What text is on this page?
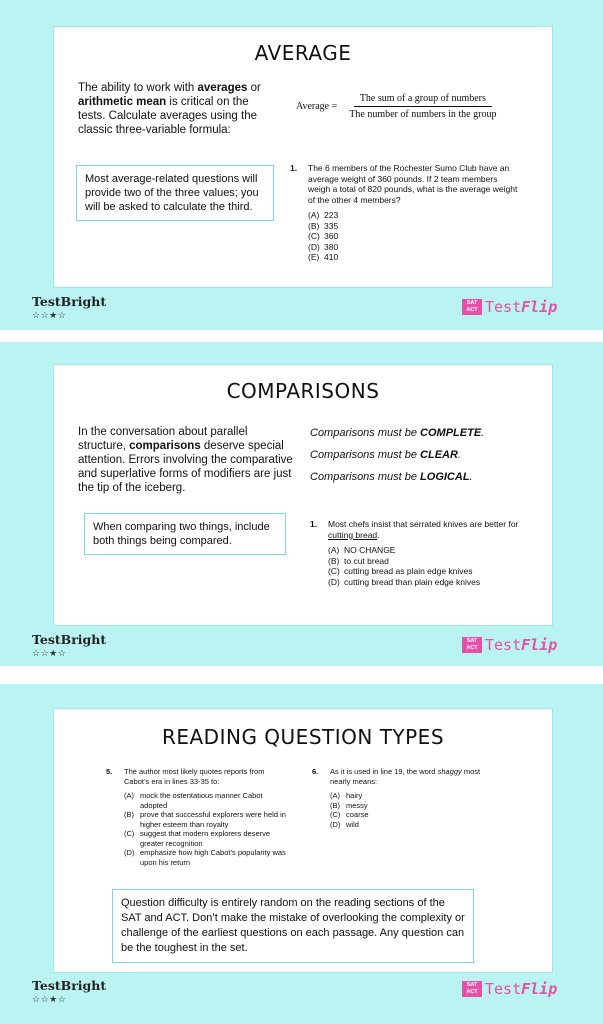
AVERAGE
The ability to work with averages or arithmetic mean is critical on the tests. Calculate averages using the classic three-variable formula:
Average = $\frac{\text{The sum of a group of numbers}}{\text{The number of numbers in the group}}$
Most average-related questions will provide two of the three values; you will be asked to calculate the third.
1.	The 6 members of the Rochester Sumo Club have an average weight of 360 pounds. If 2 team members weigh a total of 820 pounds, what is the average weight of the other 4 members?
(A) 223
(B) 335
(C) 360
(D) 380
(E) 410
TestBright
☆☆★☆
SAT
ACT TestFlip
COMPARISONS
In the conversation about parallel structure, comparisons deserve special attention. Errors involving the comparative and superlative forms of modifiers are just the tip of the iceberg.
Comparisons must be COMPLETE.
Comparisons must be CLEAR.
Comparisons must be LOGICAL.
When comparing two things, include both things being compared.
1.	Most chefs insist that serrated knives are better for cutting bread.
(A) NO CHANGE
(B) to cut bread
(C) cutting bread as plain edge knives
(D) cutting bread than plain edge knives
TestBright
☆☆★☆
SAT
ACT TestFlip
READING QUESTION TYPES
5.	The author most likely quotes reports from Cabot’s era in lines 33-35 to:
(A) mock the ostentatious manner Cabot adopted
(B) prove that successful explorers were held in higher esteem than royalty
(C) suggest that modern explorers deserve greater recognition
(D) emphasize how high Cabot’s popularity was upon his return
6.	As it is used in line 19, the word shaggy most nearly means:
(A) hairy
(B) messy
(C) coarse
(D) wild
Question difficulty is entirely random on the reading sections of the SAT and ACT. Don’t make the mistake of overlooking the complexity or challenge of the earliest questions on each passage. Any question can be the toughest in the set.
TestBright
☆☆★☆
SAT
ACT TestFlip
